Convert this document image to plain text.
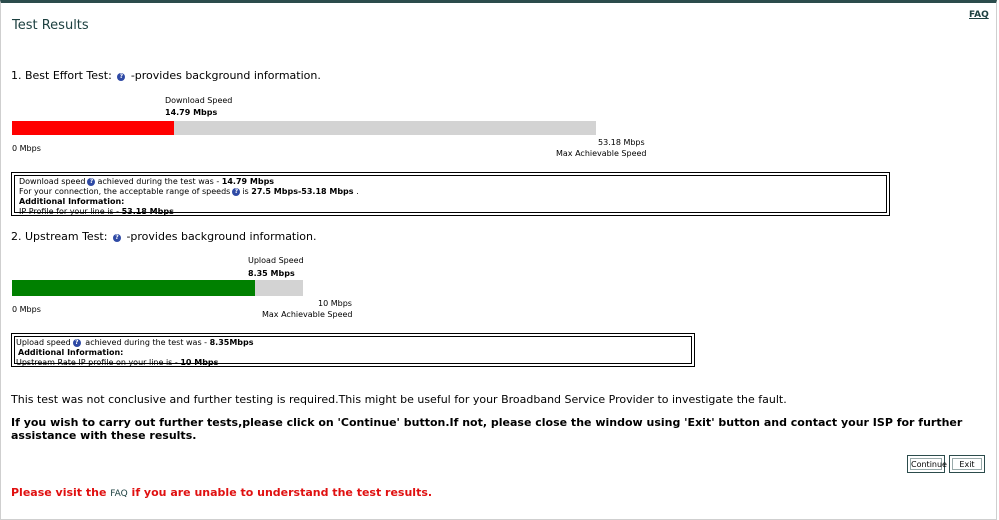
Test Results
FAQ
1. Best Effort Test: ? -provides background information.
Download Speed
14.79 Mbps
0 Mbps
53.18 Mbps
Max Achievable Speed
Download speed ? achieved during the test was - 14.79 Mbps
For your connection, the acceptable range of speeds ? is 27.5 Mbps-53.18 Mbps .
Additional Information:
IP Profile for your line is - 53.18 Mbps
2. Upstream Test: ? -provides background information.
Upload Speed
8.35 Mbps
0 Mbps
10 Mbps
Max Achievable Speed
Upload speed ? achieved during the test was - 8.35Mbps
Additional Information:
Upstream Rate IP profile on your line is - 10 Mbps
This test was not conclusive and further testing is required.This might be useful for your Broadband Service Provider to investigate the fault.
If you wish to carry out further tests,please click on 'Continue' button.If not, please close the window using 'Exit' button and contact your ISP for further assistance with these results.
Continue	Exit
Please visit the FAQ if you are unable to understand the test results.
